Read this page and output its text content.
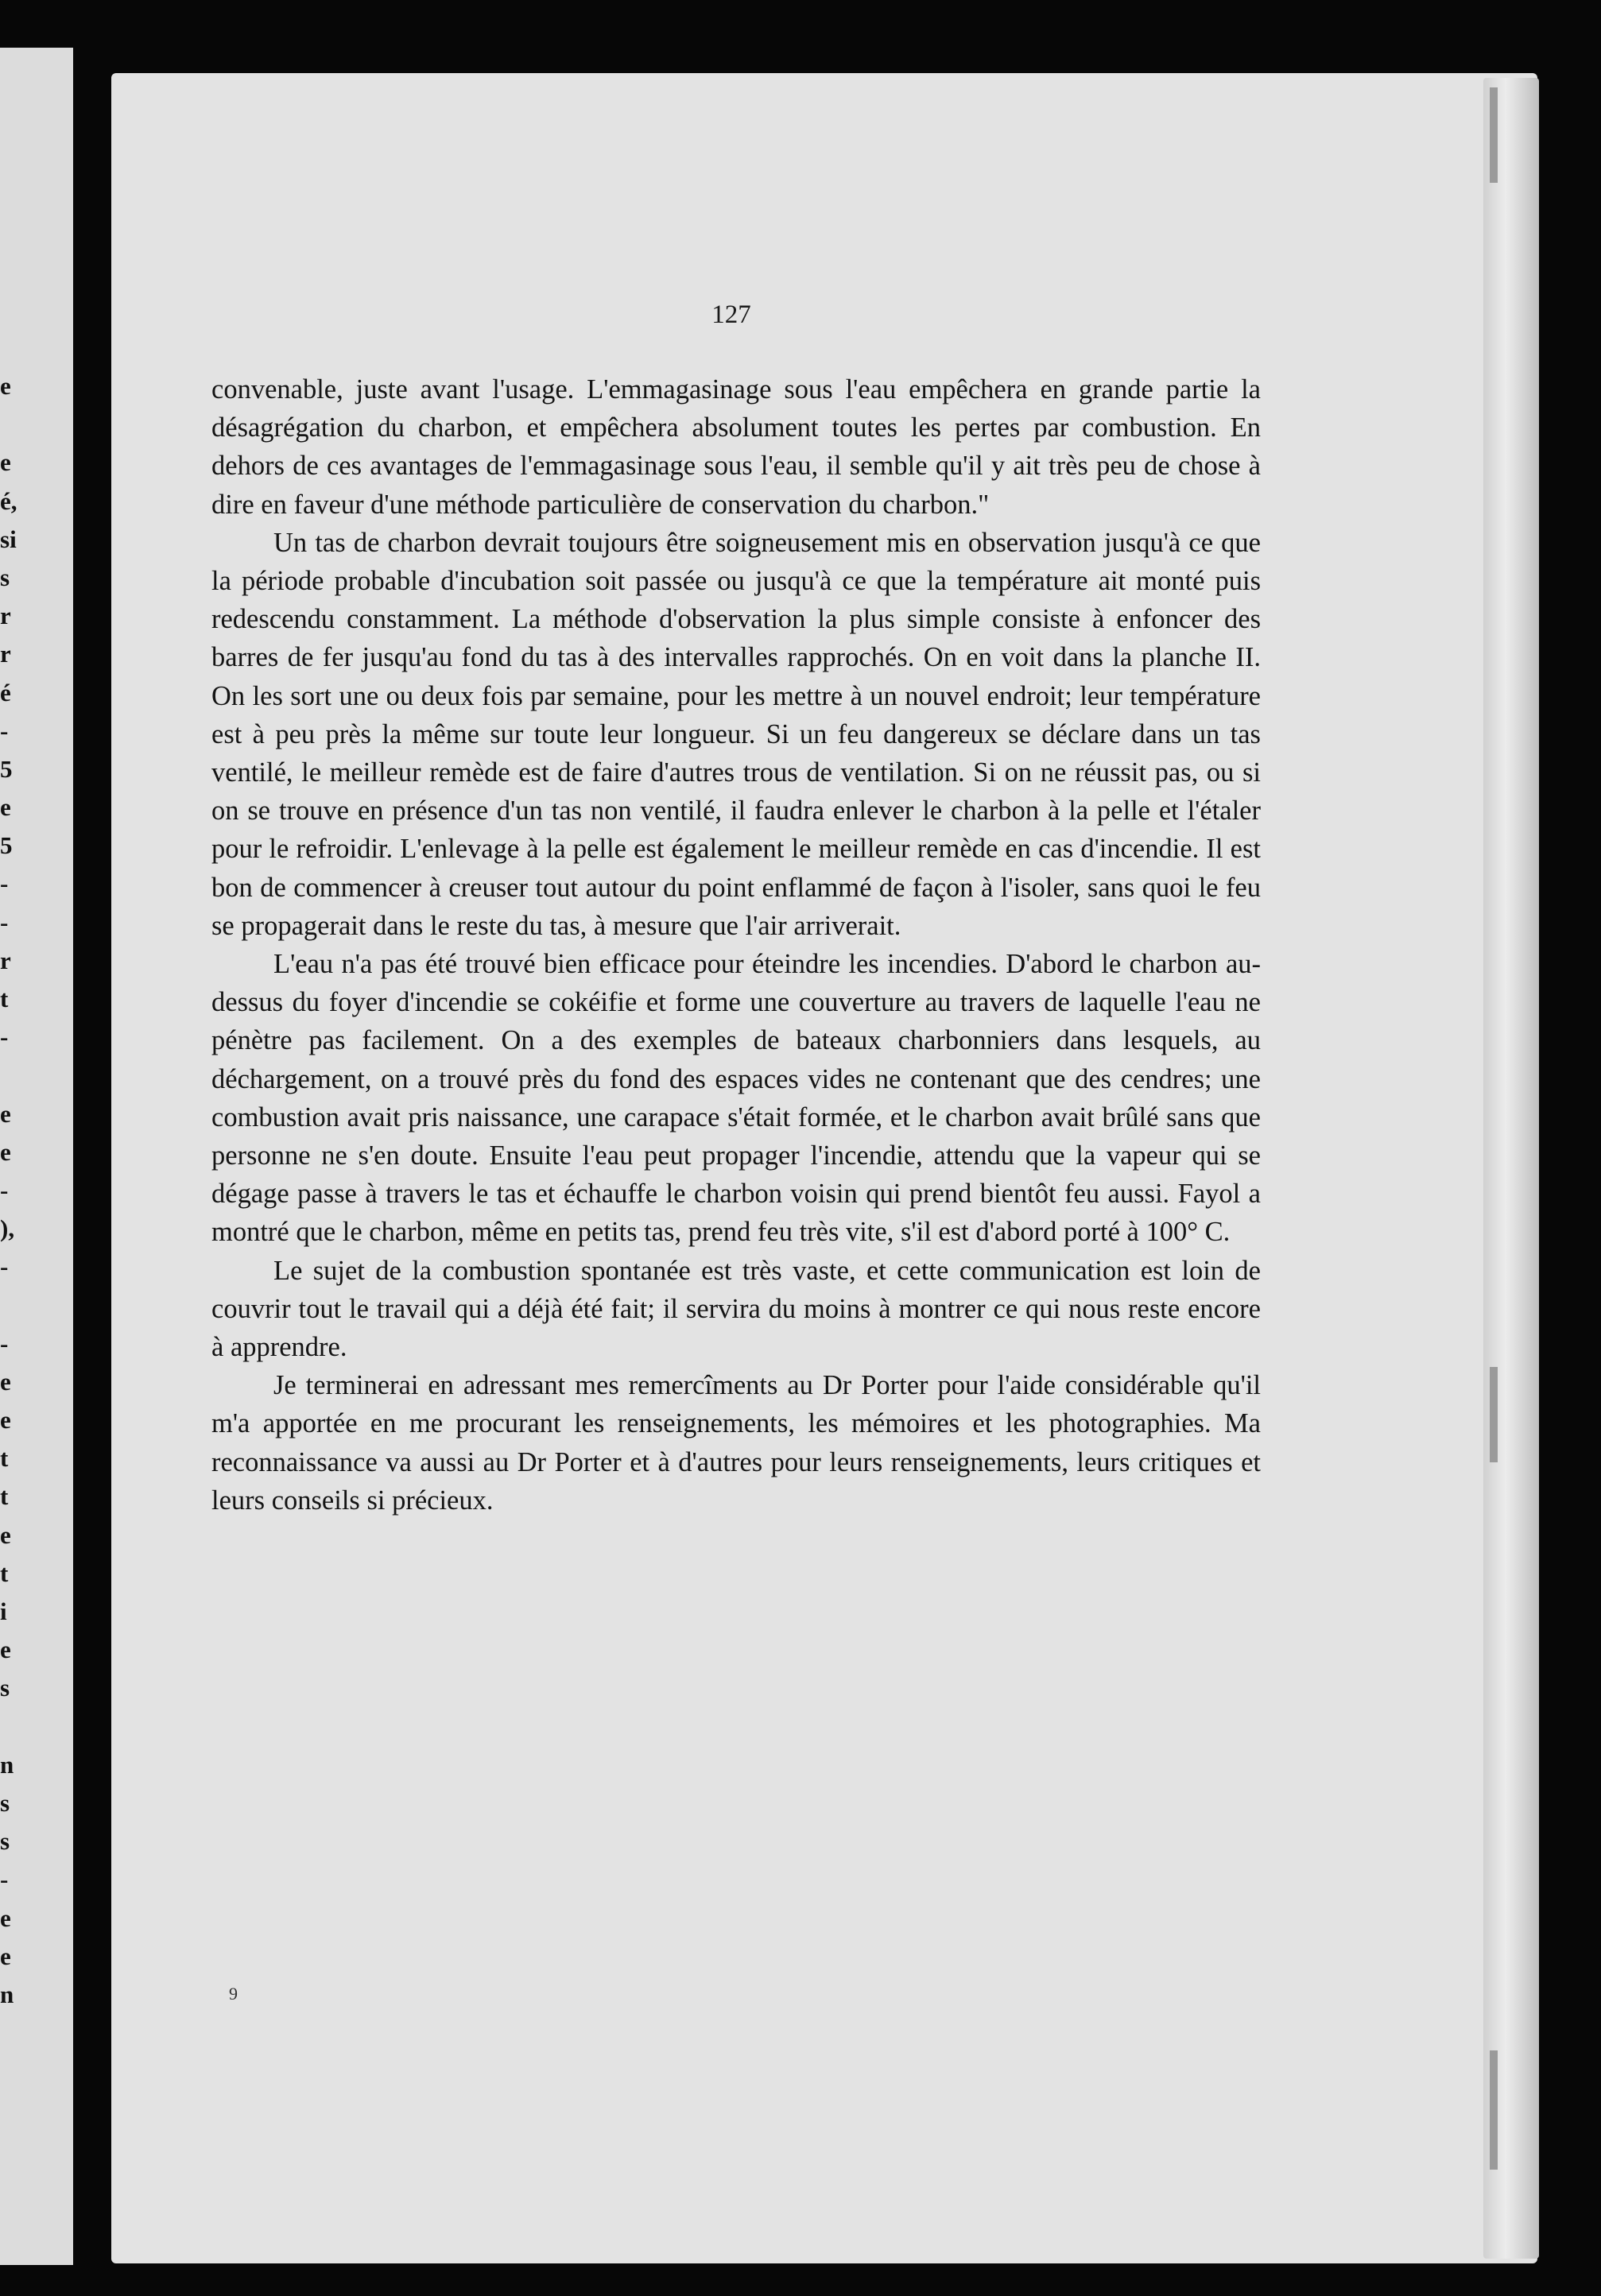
e
e
é,
si
s
r
r
é
-
5
e
5
-
-
r
t
-
e
e
-
),
-
-
e
e
t
t
e
t
i
e
s
n
s
s
-
e
e
n
127

convenable, juste avant l'usage. L'emmagasinage sous l'eau empêchera en grande partie la désagrégation du charbon, et empêchera absolument toutes les pertes par combustion. En dehors de ces avantages de l'emmagasinage sous l'eau, il semble qu'il y ait très peu de chose à dire en faveur d'une méthode particulière de conservation du charbon."

Un tas de charbon devrait toujours être soigneusement mis en observation jusqu'à ce que la période probable d'incubation soit passée ou jusqu'à ce que la température ait monté puis redescendu constamment. La méthode d'observation la plus simple consiste à enfoncer des barres de fer jusqu'au fond du tas à des intervalles rapprochés. On en voit dans la planche II. On les sort une ou deux fois par semaine, pour les mettre à un nouvel endroit; leur température est à peu près la même sur toute leur longueur. Si un feu dangereux se déclare dans un tas ventilé, le meilleur remède est de faire d'autres trous de ventilation. Si on ne réussit pas, ou si on se trouve en présence d'un tas non ventilé, il faudra enlever le charbon à la pelle et l'étaler pour le refroidir. L'enlevage à la pelle est également le meilleur remède en cas d'incendie. Il est bon de commencer à creuser tout autour du point enflammé de façon à l'isoler, sans quoi le feu se propagerait dans le reste du tas, à mesure que l'air arriverait.

L'eau n'a pas été trouvé bien efficace pour éteindre les incendies. D'abord le charbon au-dessus du foyer d'incendie se cokéifie et forme une couverture au travers de laquelle l'eau ne pénètre pas facilement. On a des exemples de bateaux charbonniers dans lesquels, au déchargement, on a trouvé près du fond des espaces vides ne contenant que des cendres; une combustion avait pris naissance, une carapace s'était formée, et le charbon avait brûlé sans que personne ne s'en doute. Ensuite l'eau peut propager l'incendie, attendu que la vapeur qui se dégage passe à travers le tas et échauffe le charbon voisin qui prend bientôt feu aussi. Fayol a montré que le charbon, même en petits tas, prend feu très vite, s'il est d'abord porté à 100° C.

Le sujet de la combustion spontanée est très vaste, et cette communication est loin de couvrir tout le travail qui a déjà été fait; il servira du moins à montrer ce qui nous reste encore à apprendre.

Je terminerai en adressant mes remercîments au Dr Porter pour l'aide considérable qu'il m'a apportée en me procurant les renseignements, les mémoires et les photographies. Ma reconnaissance va aussi au Dr Porter et à d'autres pour leurs renseignements, leurs critiques et leurs conseils si précieux.

9
